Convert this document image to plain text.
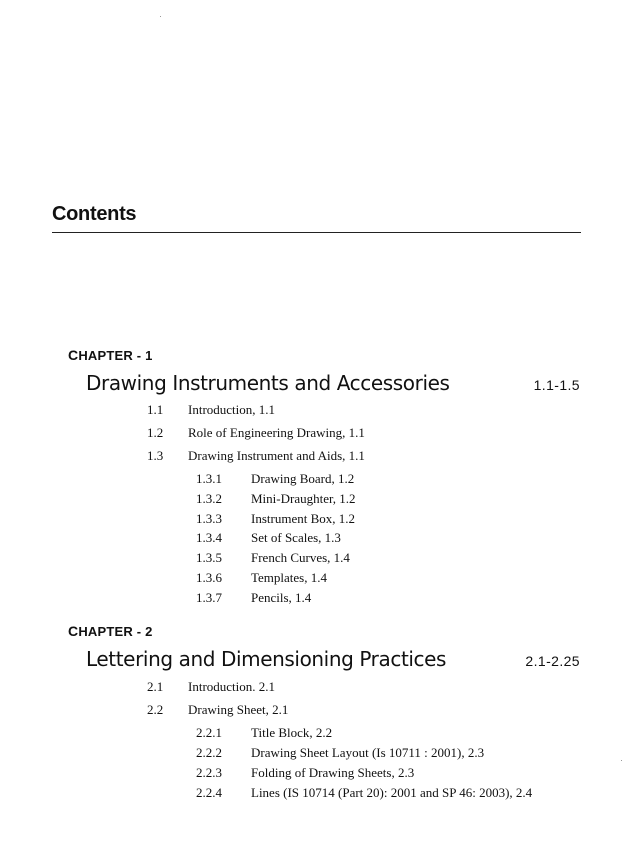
Contents
CHAPTER - 1
Drawing Instruments and Accessories	1.1-1.5
1.1 Introduction, 1.1
1.2 Role of Engineering Drawing, 1.1
1.3 Drawing Instrument and Aids, 1.1
1.3.1 Drawing Board, 1.2
1.3.2 Mini-Draughter, 1.2
1.3.3 Instrument Box, 1.2
1.3.4 Set of Scales, 1.3
1.3.5 French Curves, 1.4
1.3.6 Templates, 1.4
1.3.7 Pencils, 1.4
CHAPTER - 2
Lettering and Dimensioning Practices	2.1-2.25
2.1 Introduction. 2.1
2.2 Drawing Sheet, 2.1
2.2.1 Title Block, 2.2
2.2.2 Drawing Sheet Layout (Is 10711 : 2001), 2.3
2.2.3 Folding of Drawing Sheets, 2.3
2.2.4 Lines (IS 10714 (Part 20): 2001 and SP 46: 2003), 2.4
